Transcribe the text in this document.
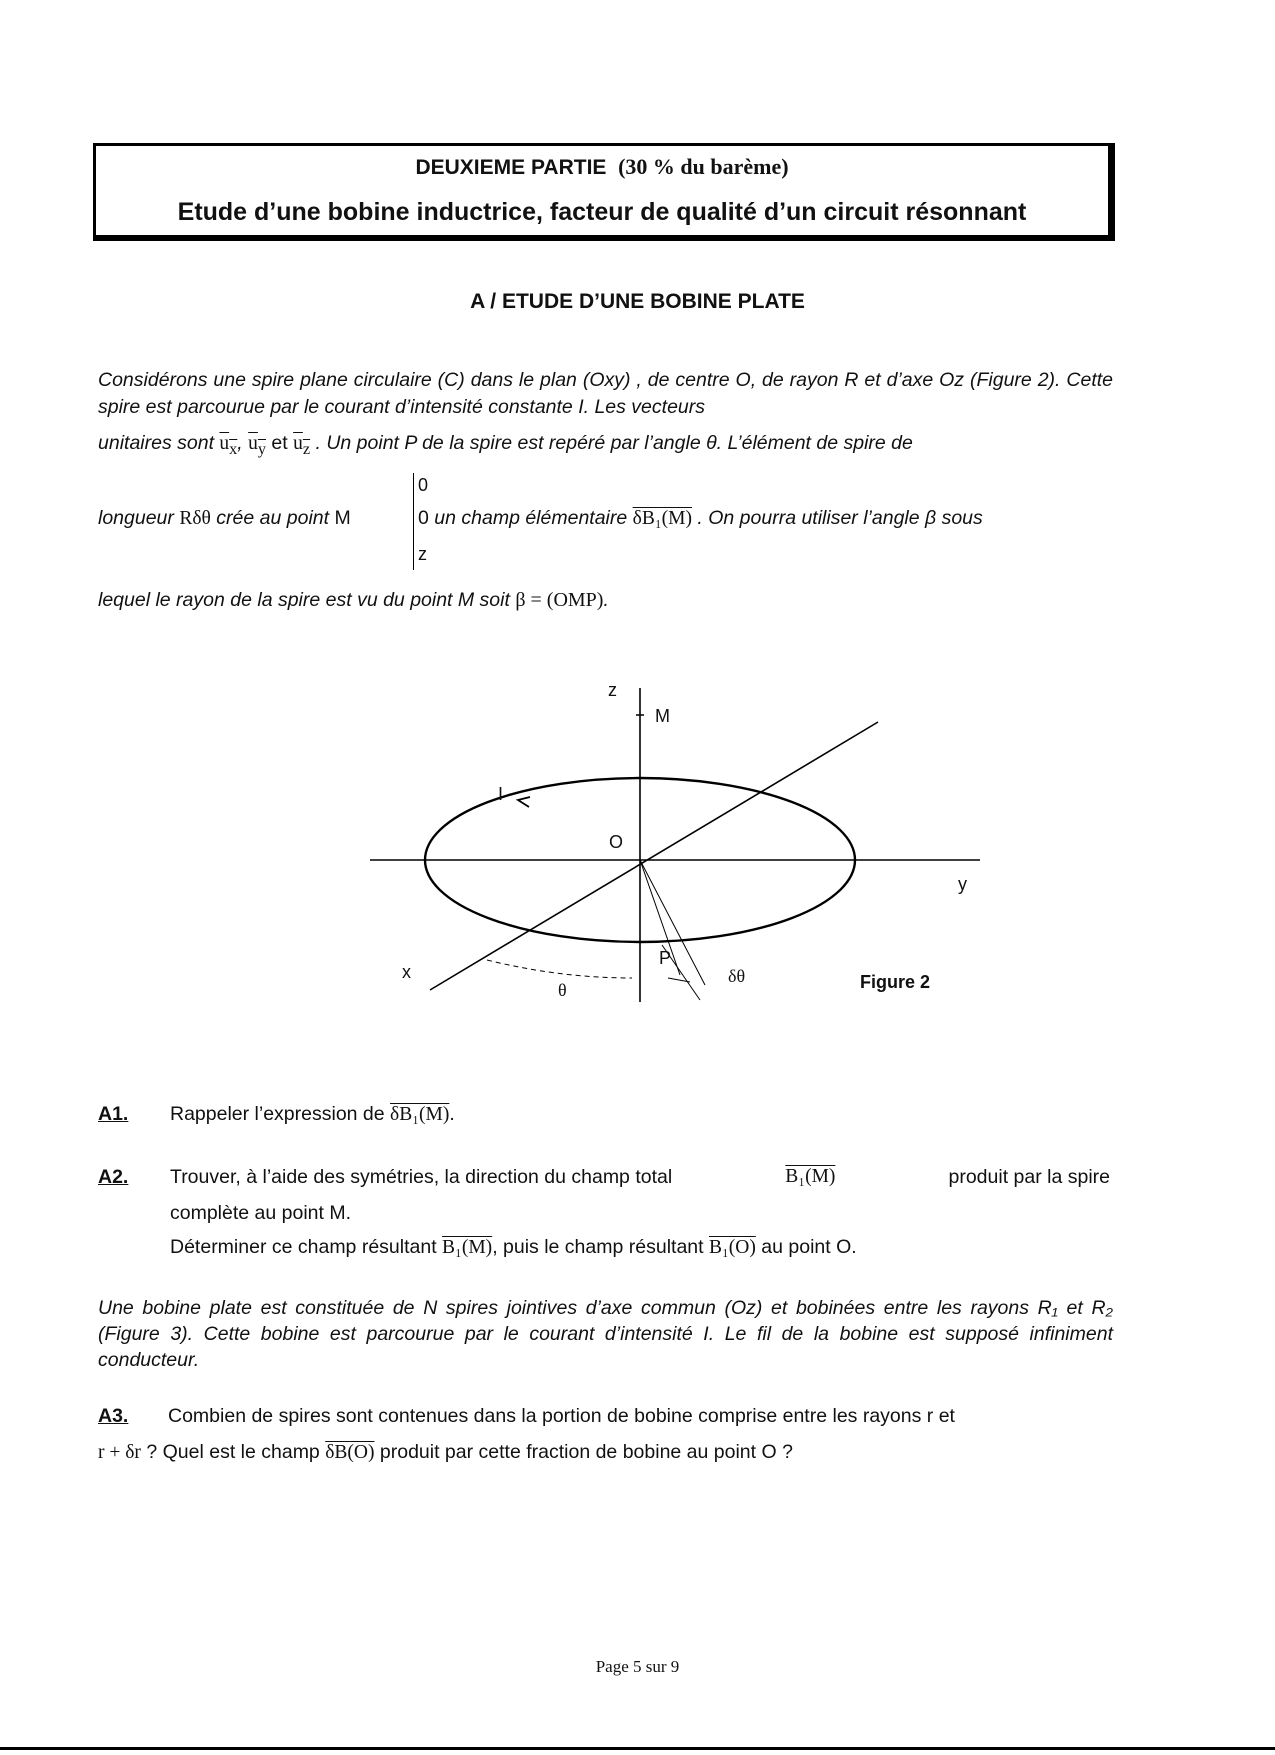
DEUXIEME PARTIE (30 % du barème)
Etude d’une bobine inductrice, facteur de qualité d’un circuit résonnant
A / ETUDE D’UNE BOBINE PLATE
Considérons une spire plane circulaire (C) dans le plan (Oxy) , de centre O, de rayon R et d’axe Oz (Figure 2). Cette spire est parcourue par le courant d’intensité constante I. Les vecteurs
unitaires sont $u_x$, $u_y$ et $u_z$ . Un point P de la spire est repéré par l’angle θ. L’élément de spire de
0
z
longueur Rδθ crée au point M	0 un champ élémentaire δB₁(M) . On pourra utiliser l’angle β sous
lequel le rayon de la spire est vu du point M soit β = (OMP).
z
M
I
O
y
x
P
θ
δθ	Figure 2
A1. Rappeler l’expression de δB₁(M).
A2. Trouver, à l’aide des symétries, la direction du champ total	B₁(M)	produit par la spire
complète au point M.
Déterminer ce champ résultant B₁(M), puis le champ résultant B₁(O) au point O.
Une bobine plate est constituée de N spires jointives d’axe commun (Oz) et bobinées entre les rayons R₁ et R₂ (Figure 3). Cette bobine est parcourue par le courant d’intensité I. Le fil de la bobine est supposé infiniment conducteur.
A3. Combien de spires sont contenues dans la portion de bobine comprise entre les rayons r et
r + δr ? Quel est le champ δB(O) produit par cette fraction de bobine au point O ?
Page 5 sur 9
